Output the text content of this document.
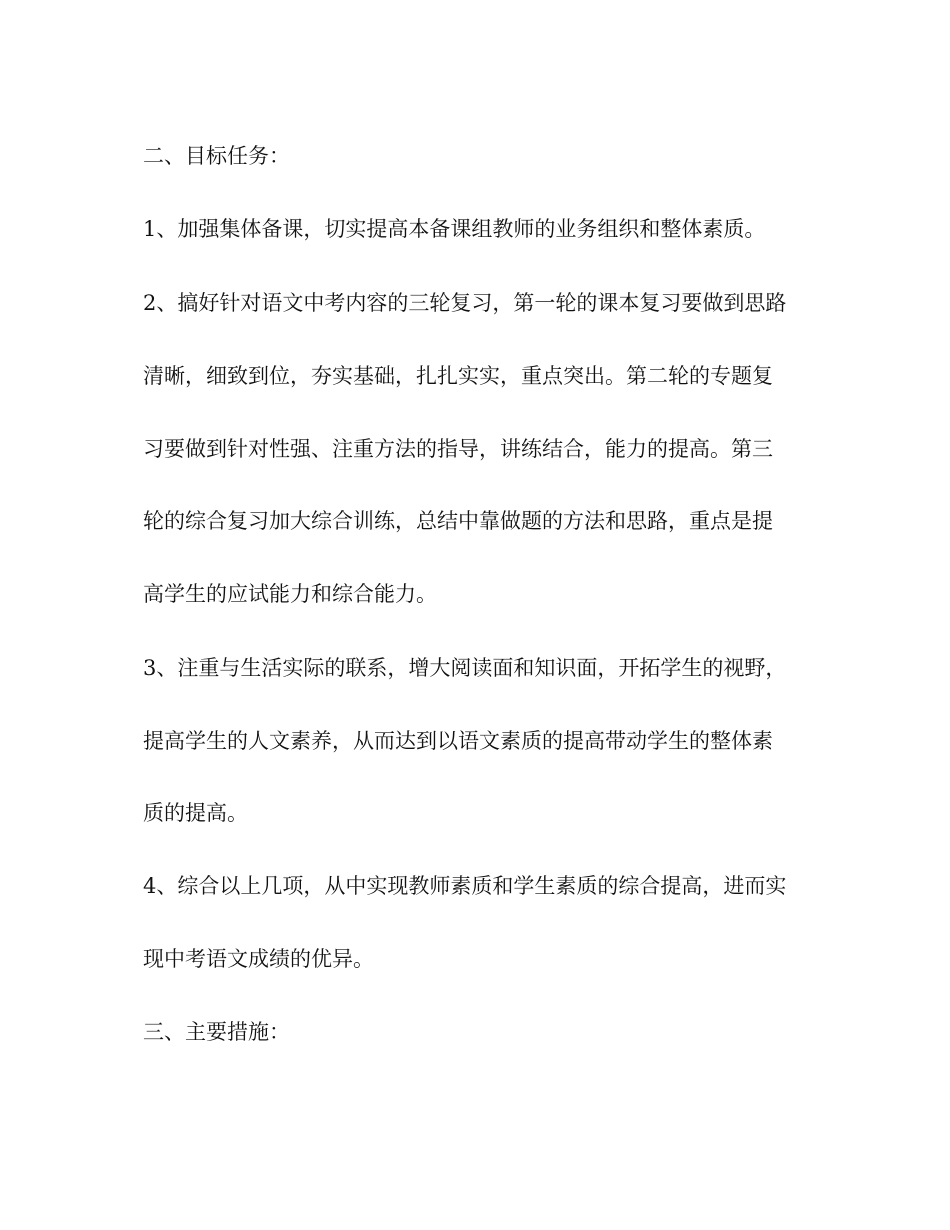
二、目标任务：
1、加强集体备课，切实提高本备课组教师的业务组织和整体素质。
2、搞好针对语文中考内容的三轮复习，第一轮的课本复习要做到思路
清晰，细致到位，夯实基础，扎扎实实，重点突出。第二轮的专题复
习要做到针对性强、注重方法的指导，讲练结合，能力的提高。第三
轮的综合复习加大综合训练，总结中靠做题的方法和思路，重点是提
高学生的应试能力和综合能力。
3、注重与生活实际的联系，增大阅读面和知识面，开拓学生的视野，
提高学生的人文素养，从而达到以语文素质的提高带动学生的整体素
质的提高。
4、综合以上几项，从中实现教师素质和学生素质的综合提高，进而实
现中考语文成绩的优异。
三、主要措施：
